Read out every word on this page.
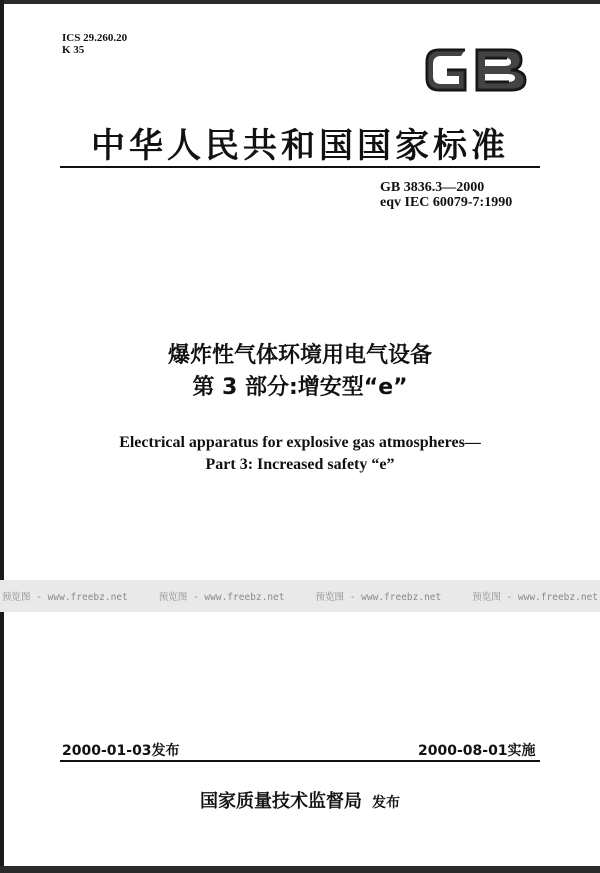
ICS 29.260.20
K 35
中华人民共和国国家标准
GB 3836.3—2000
eqv IEC 60079-7:1990
爆炸性气体环境用电气设备
第 3 部分:增安型“e”
Electrical apparatus for explosive gas atmospheres—
Part 3: Increased safety “e”
预览图 - www.freebz.net	预览图 - www.freebz.net	预览图 - www.freebz.net	预览图 - www.freebz.net
2000-01-03发布	2000-08-01实施
国家质量技术监督局 发布
